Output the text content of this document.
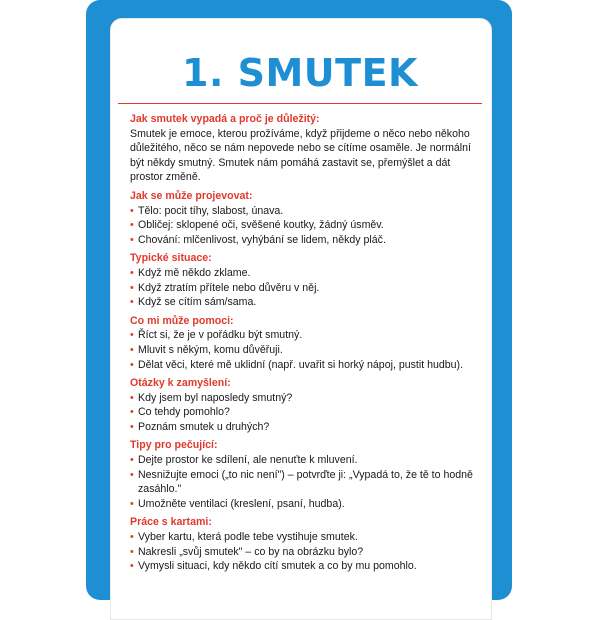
1. SMUTEK
Jak smutek vypadá a proč je důležitý:

Smutek je emoce, kterou prožíváme, když přijdeme o něco nebo někoho důležitého, něco se nám nepovede nebo se cítíme osaměle. Je normální být někdy smutný. Smutek nám pomáhá zastavit se, přemýšlet a dát prostor změně.

Jak se může projevovat:
• Tělo: pocit tíhy, slabost, únava.
• Obličej: sklopené oči, svěšené koutky, žádný úsměv.
• Chování: mlčenlivost, vyhýbání se lidem, někdy pláč.
Typické situace:
• Když mě někdo zklame.
• Když ztratím přítele nebo důvěru v něj.
• Když se cítím sám/sama.
Co mi může pomoci:
• Říct si, že je v pořádku být smutný.
• Mluvit s někým, komu důvěřuji.
• Dělat věci, které mě uklidní (např. uvařit si horký nápoj, pustit hudbu).
Otázky k zamyšlení:
• Kdy jsem byl naposledy smutný?
• Co tehdy pomohlo?
• Poznám smutek u druhých?
Tipy pro pečující:
• Dejte prostor ke sdílení, ale nenuťte k mluvení.
• Nesnižujte emoci („to nic není") – potvrďte ji: „Vypadá to, že tě to hodně zasáhlo."
• Umožněte ventilaci (kreslení, psaní, hudba).
Práce s kartami:
• Vyber kartu, která podle tebe vystihuje smutek.
• Nakresli „svůj smutek" – co by na obrázku bylo?
• Vymysli situaci, kdy někdo cítí smutek a co by mu pomohlo.
